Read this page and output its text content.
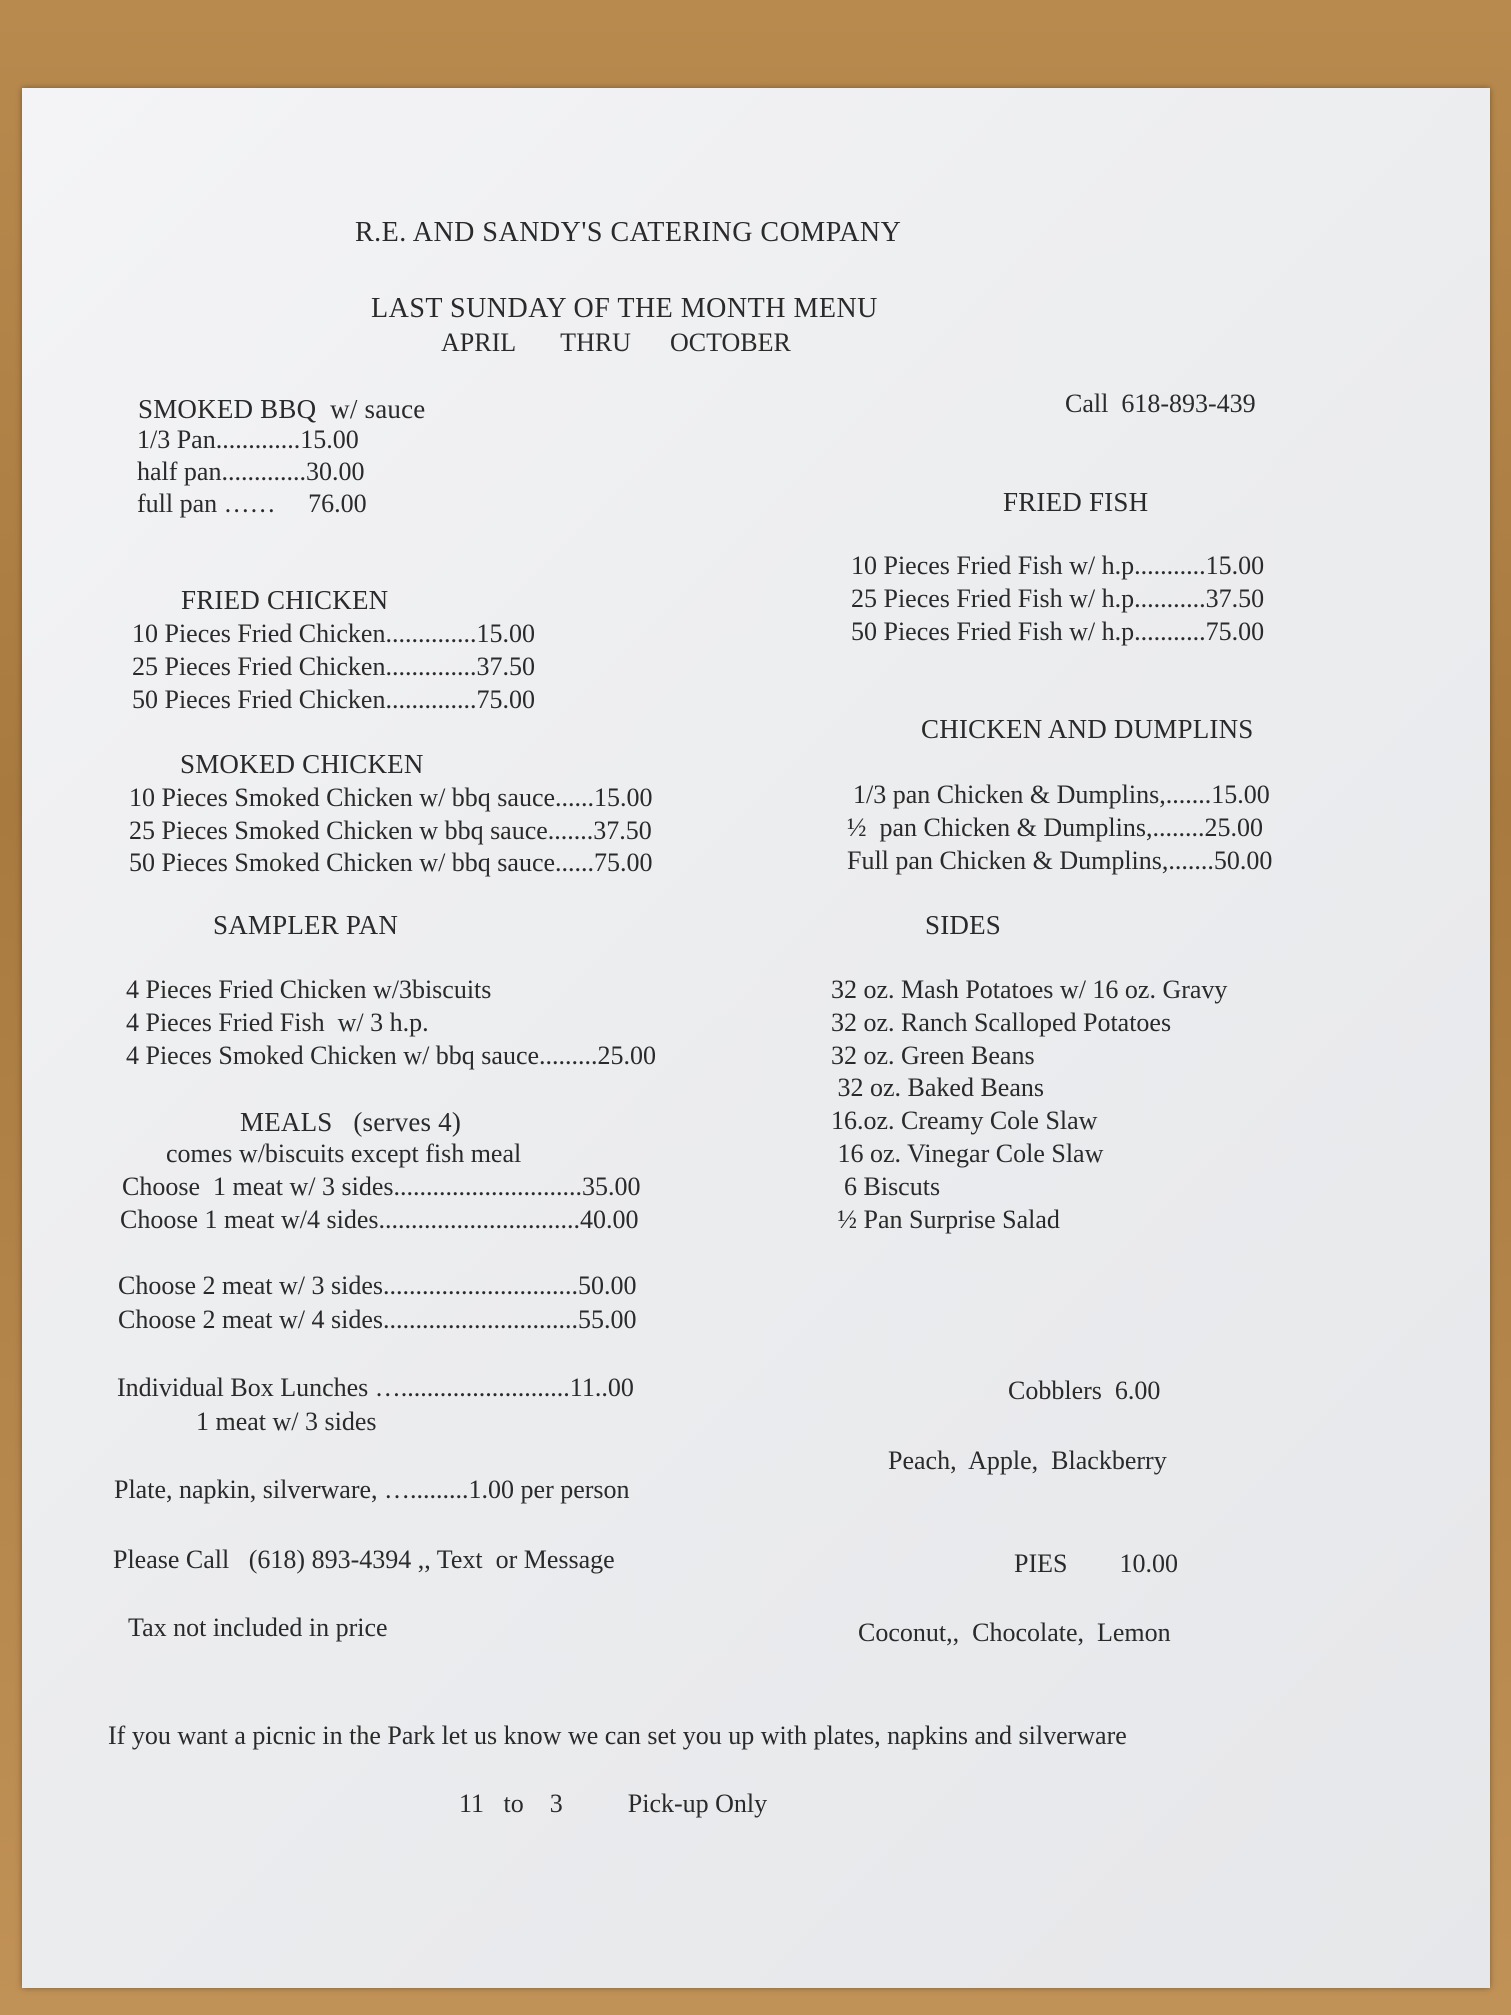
R.E. AND SANDY'S CATERING COMPANY
LAST SUNDAY OF THE MONTH MENU
APRIL       THRU      OCTOBER
Call  618-893-439
SMOKED BBQ  w/ sauce
1/3 Pan.............15.00
half pan.............30.00
full pan ……     76.00
FRIED CHICKEN
10 Pieces Fried Chicken..............15.00
25 Pieces Fried Chicken..............37.50
50 Pieces Fried Chicken..............75.00
SMOKED CHICKEN
10 Pieces Smoked Chicken w/ bbq sauce......15.00
25 Pieces Smoked Chicken w bbq sauce.......37.50
50 Pieces Smoked Chicken w/ bbq sauce......75.00
SAMPLER PAN
4 Pieces Fried Chicken w/3biscuits
4 Pieces Fried Fish  w/ 3 h.p.
4 Pieces Smoked Chicken w/ bbq sauce.........25.00
MEALS   (serves 4)
comes w/biscuits except fish meal
Choose  1 meat w/ 3 sides.............................35.00
Choose 1 meat w/4 sides...............................40.00
Choose 2 meat w/ 3 sides..............................50.00
Choose 2 meat w/ 4 sides..............................55.00
Individual Box Lunches …..........................11..00
1 meat w/ 3 sides
Plate, napkin, silverware, ….........1.00 per person
Please Call   (618) 893-4394 ,, Text  or Message
Tax not included in price
FRIED FISH
10 Pieces Fried Fish w/ h.p...........15.00
25 Pieces Fried Fish w/ h.p...........37.50
50 Pieces Fried Fish w/ h.p...........75.00
CHICKEN AND DUMPLINS
1/3 pan Chicken & Dumplins,.......15.00
½  pan Chicken & Dumplins,........25.00
Full pan Chicken & Dumplins,.......50.00
SIDES
32 oz. Mash Potatoes w/ 16 oz. Gravy
32 oz. Ranch Scalloped Potatoes
32 oz. Green Beans
32 oz. Baked Beans
16.oz. Creamy Cole Slaw
16 oz. Vinegar Cole Slaw
6 Biscuts
½ Pan Surprise Salad
Cobblers  6.00
Peach,  Apple,  Blackberry
PIES        10.00
Coconut,,  Chocolate,  Lemon
If you want a picnic in the Park let us know we can set you up with plates, napkins and silverware
11   to    3          Pick-up Only
